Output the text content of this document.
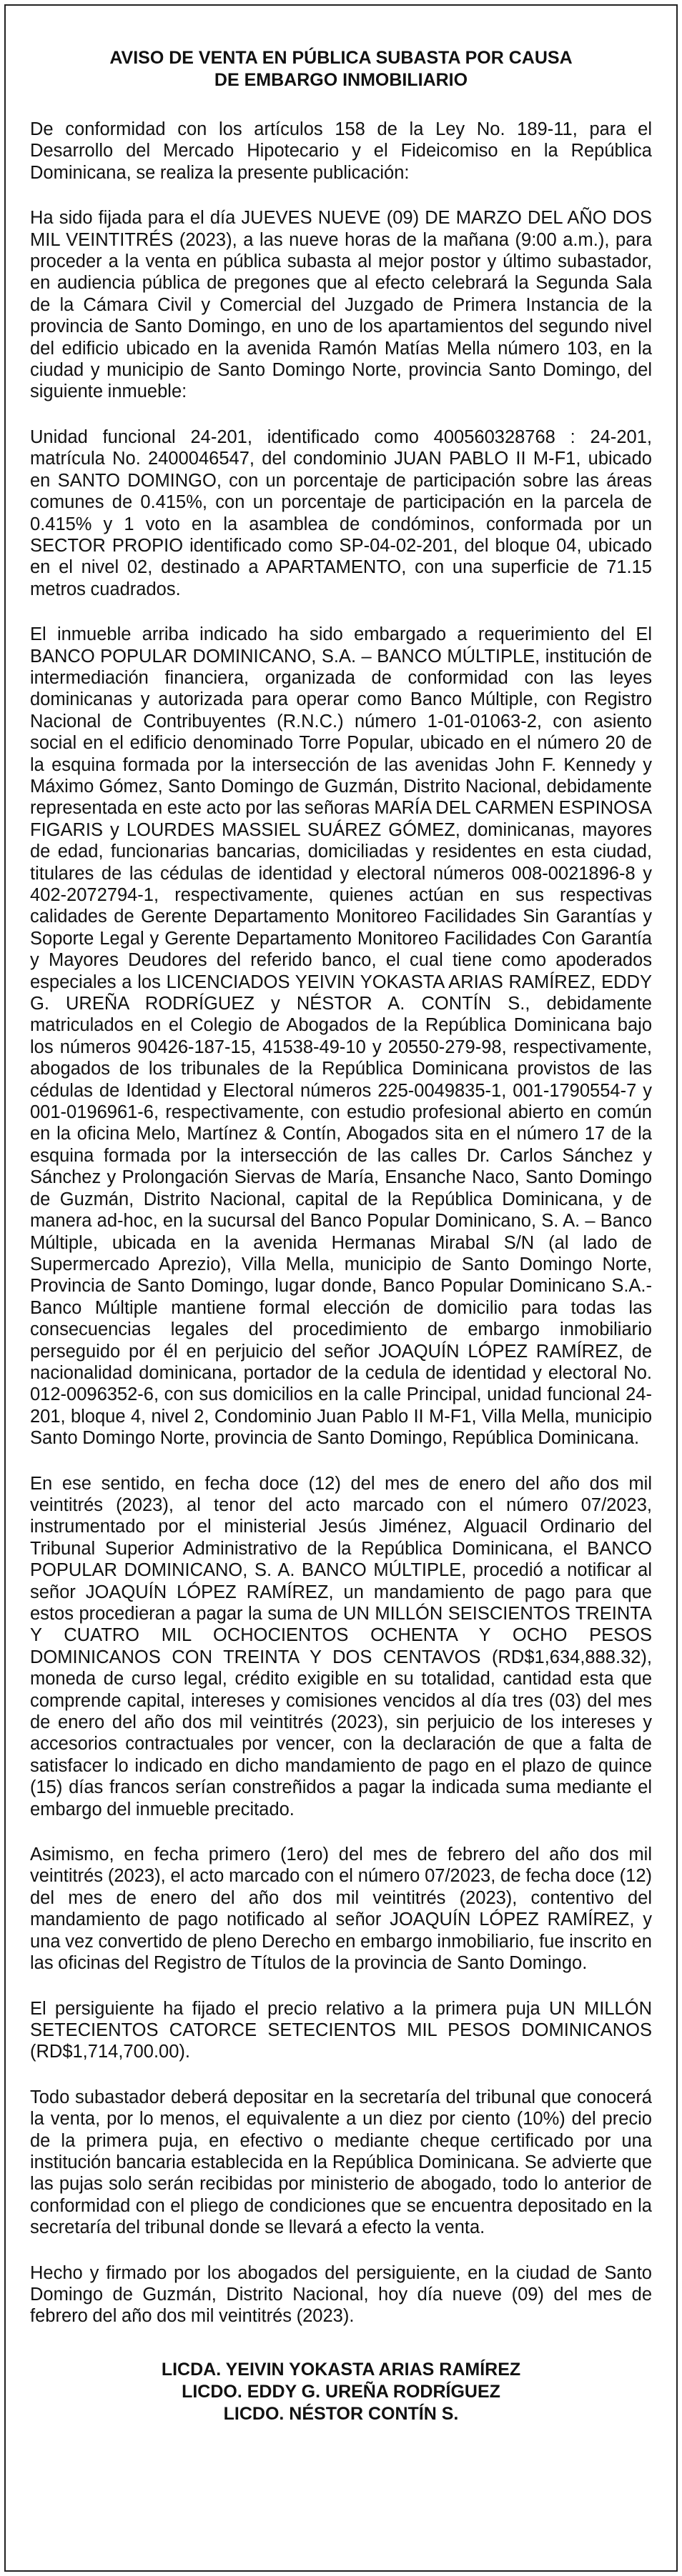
AVISO DE VENTA EN PÚBLICA SUBASTA POR CAUSA
DE EMBARGO INMOBILIARIO

De conformidad con los artículos 158 de la Ley No. 189-11, para el Desarrollo del Mercado Hipotecario y el Fideicomiso en la República Dominicana, se realiza la presente publicación:

Ha sido fijada para el día JUEVES NUEVE (09) DE MARZO DEL AÑO DOS MIL VEINTITRÉS (2023), a las nueve horas de la mañana (9:00 a.m.), para proceder a la venta en pública subasta al mejor postor y último subastador, en audiencia pública de pregones que al efecto celebrará la Segunda Sala de la Cámara Civil y Comercial del Juzgado de Primera Instancia de la provincia de Santo Domingo, en uno de los apartamientos del segundo nivel del edificio ubicado en la avenida Ramón Matías Mella número 103, en la ciudad y municipio de Santo Domingo Norte, provincia Santo Domingo, del siguiente inmueble:

Unidad funcional 24-201, identificado como 400560328768 : 24-201, matrícula No. 2400046547, del condominio JUAN PABLO II M-F1, ubicado en SANTO DOMINGO, con un porcentaje de participación sobre las áreas comunes de 0.415%, con un porcentaje de participación en la parcela de 0.415% y 1 voto en la asamblea de condóminos, conformada por un SECTOR PROPIO identificado como SP-04-02-201, del bloque 04, ubicado en el nivel 02, destinado a APARTAMENTO, con una superficie de 71.15 metros cuadrados.

El inmueble arriba indicado ha sido embargado a requerimiento del El BANCO POPULAR DOMINICANO, S.A. – BANCO MÚLTIPLE, institución de intermediación financiera, organizada de conformidad con las leyes dominicanas y autorizada para operar como Banco Múltiple, con Registro Nacional de Contribuyentes (R.N.C.) número 1-01-01063-2, con asiento social en el edificio denominado Torre Popular, ubicado en el número 20 de la esquina formada por la intersección de las avenidas John F. Kennedy y Máximo Gómez, Santo Domingo de Guzmán, Distrito Nacional, debidamente representada en este acto por las señoras MARÍA DEL CARMEN ESPINOSA FIGARIS y LOURDES MASSIEL SUÁREZ GÓMEZ, dominicanas, mayores de edad, funcionarias bancarias, domiciliadas y residentes en esta ciudad, titulares de las cédulas de identidad y electoral números 008-0021896-8 y 402-2072794-1, respectivamente, quienes actúan en sus respectivas calidades de Gerente Departamento Monitoreo Facilidades Sin Garantías y Soporte Legal y Gerente Departamento Monitoreo Facilidades Con Garantía y Mayores Deudores del referido banco, el cual tiene como apoderados especiales a los LICENCIADOS YEIVIN YOKASTA ARIAS RAMÍREZ, EDDY G. UREÑA RODRÍGUEZ y NÉSTOR A. CONTÍN S., debidamente matriculados en el Colegio de Abogados de la República Dominicana bajo los números 90426-187-15, 41538-49-10 y 20550-279-98, respectivamente, abogados de los tribunales de la República Dominicana provistos de las cédulas de Identidad y Electoral números 225-0049835-1, 001-1790554-7 y 001-0196961-6, respectivamente, con estudio profesional abierto en común en la oficina Melo, Martínez & Contín, Abogados sita en el número 17 de la esquina formada por la intersección de las calles Dr. Carlos Sánchez y Sánchez y Prolongación Siervas de María, Ensanche Naco, Santo Domingo de Guzmán, Distrito Nacional, capital de la República Dominicana, y de manera ad-hoc, en la sucursal del Banco Popular Dominicano, S. A. – Banco Múltiple, ubicada en la avenida Hermanas Mirabal S/N (al lado de Supermercado Aprezio), Villa Mella, municipio de Santo Domingo Norte, Provincia de Santo Domingo, lugar donde, Banco Popular Dominicano S.A.- Banco Múltiple mantiene formal elección de domicilio para todas las consecuencias legales del procedimiento de embargo inmobiliario perseguido por él en perjuicio del señor JOAQUÍN LÓPEZ RAMÍREZ, de nacionalidad dominicana, portador de la cedula de identidad y electoral No. 012-0096352-6, con sus domicilios en la calle Principal, unidad funcional 24-201, bloque 4, nivel 2, Condominio Juan Pablo II M-F1, Villa Mella, municipio Santo Domingo Norte, provincia de Santo Domingo, República Dominicana.

En ese sentido, en fecha doce (12) del mes de enero del año dos mil veintitrés (2023), al tenor del acto marcado con el número 07/2023, instrumentado por el ministerial Jesús Jiménez, Alguacil Ordinario del Tribunal Superior Administrativo de la República Dominicana, el BANCO POPULAR DOMINICANO, S. A. BANCO MÚLTIPLE, procedió a notificar al señor JOAQUÍN LÓPEZ RAMÍREZ, un mandamiento de pago para que estos procedieran a pagar la suma de UN MILLÓN SEISCIENTOS TREINTA Y CUATRO MIL OCHOCIENTOS OCHENTA Y OCHO PESOS DOMINICANOS CON TREINTA Y DOS CENTAVOS (RD$1,634,888.32), moneda de curso legal, crédito exigible en su totalidad, cantidad esta que comprende capital, intereses y comisiones vencidos al día tres (03) del mes de enero del año dos mil veintitrés (2023), sin perjuicio de los intereses y accesorios contractuales por vencer, con la declaración de que a falta de satisfacer lo indicado en dicho mandamiento de pago en el plazo de quince (15) días francos serían constreñidos a pagar la indicada suma mediante el embargo del inmueble precitado.

Asimismo, en fecha primero (1ero) del mes de febrero del año dos mil veintitrés (2023), el acto marcado con el número 07/2023, de fecha doce (12) del mes de enero del año dos mil veintitrés (2023), contentivo del mandamiento de pago notificado al señor JOAQUÍN LÓPEZ RAMÍREZ, y una vez convertido de pleno Derecho en embargo inmobiliario, fue inscrito en las oficinas del Registro de Títulos de la provincia de Santo Domingo.

El persiguiente ha fijado el precio relativo a la primera puja UN MILLÓN SETECIENTOS CATORCE SETECIENTOS MIL PESOS DOMINICANOS (RD$1,714,700.00).

Todo subastador deberá depositar en la secretaría del tribunal que conocerá la venta, por lo menos, el equivalente a un diez por ciento (10%) del precio de la primera puja, en efectivo o mediante cheque certificado por una institución bancaria establecida en la República Dominicana. Se advierte que las pujas solo serán recibidas por ministerio de abogado, todo lo anterior de conformidad con el pliego de condiciones que se encuentra depositado en la secretaría del tribunal donde se llevará a efecto la venta.

Hecho y firmado por los abogados del persiguiente, en la ciudad de Santo Domingo de Guzmán, Distrito Nacional, hoy día nueve (09) del mes de febrero del año dos mil veintitrés (2023).

LICDA. YEIVIN YOKASTA ARIAS RAMÍREZ
LICDO. EDDY G. UREÑA RODRÍGUEZ
LICDO. NÉSTOR CONTÍN S.
